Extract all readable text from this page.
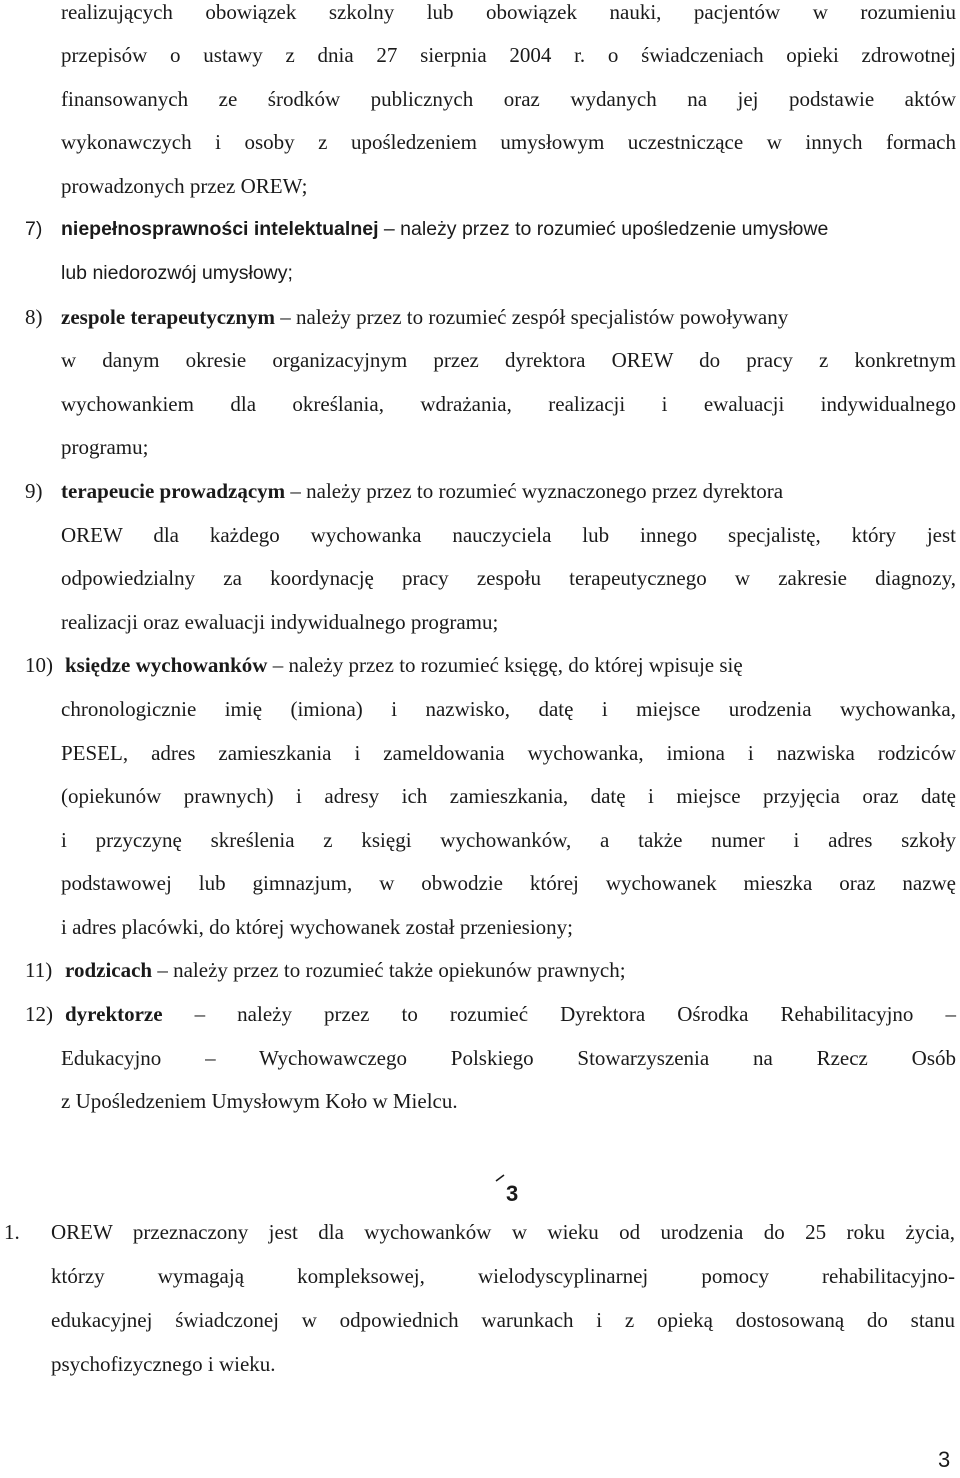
realizujących obowiązek szkolny lub obowiązek nauki, pacjentów w rozumieniu
przepisów o ustawy z dnia 27 sierpnia 2004 r. o świadczeniach opieki zdrowotnej
finansowanych ze środków publicznych oraz wydanych na jej podstawie aktów
wykonawczych i osoby z upośledzeniem umysłowym uczestniczące w innych formach
prowadzonych przez OREW;
7) niepełnosprawności intelektualnej – należy przez to rozumieć upośledzenie umysłowe
lub niedorozwój umysłowy;
8) zespole terapeutycznym – należy przez to rozumieć zespół specjalistów powoływany
w danym okresie organizacyjnym przez dyrektora OREW do pracy z konkretnym
wychowankiem dla określania, wdrażania, realizacji i ewaluacji indywidualnego
programu;
9) terapeucie prowadzącym – należy przez to rozumieć wyznaczonego przez dyrektora
OREW dla każdego wychowanka nauczyciela lub innego specjalistę, który jest
odpowiedzialny za koordynację pracy zespołu terapeutycznego w zakresie diagnozy,
realizacji oraz ewaluacji indywidualnego programu;
10) księdze wychowanków – należy przez to rozumieć księgę, do której wpisuje się
chronologicznie imię (imiona) i nazwisko, datę i miejsce urodzenia wychowanka,
PESEL, adres zamieszkania i zameldowania wychowanka, imiona i nazwiska rodziców
(opiekunów prawnych) i adresy ich zamieszkania, datę i miejsce przyjęcia oraz datę
i przyczynę skreślenia z księgi wychowanków, a także numer i adres szkoły
podstawowej lub gimnazjum, w obwodzie której wychowanek mieszka oraz nazwę
i adres placówki, do której wychowanek został przeniesiony;
11) rodzicach – należy przez to rozumieć także opiekunów prawnych;
12) dyrektorze – należy przez to rozumieć Dyrektora Ośrodka Rehabilitacyjno –
Edukacyjno – Wychowawczego Polskiego Stowarzyszenia na Rzecz Osób
z Upośledzeniem Umysłowym Koło w Mielcu.
3
1. OREW przeznaczony jest dla wychowanków w wieku od urodzenia do 25 roku życia,
którzy wymagają kompleksowej, wielodyscyplinarnej pomocy rehabilitacyjno-
edukacyjnej świadczonej w odpowiednich warunkach i z opieką dostosowaną do stanu
psychofizycznego i wieku.
3
